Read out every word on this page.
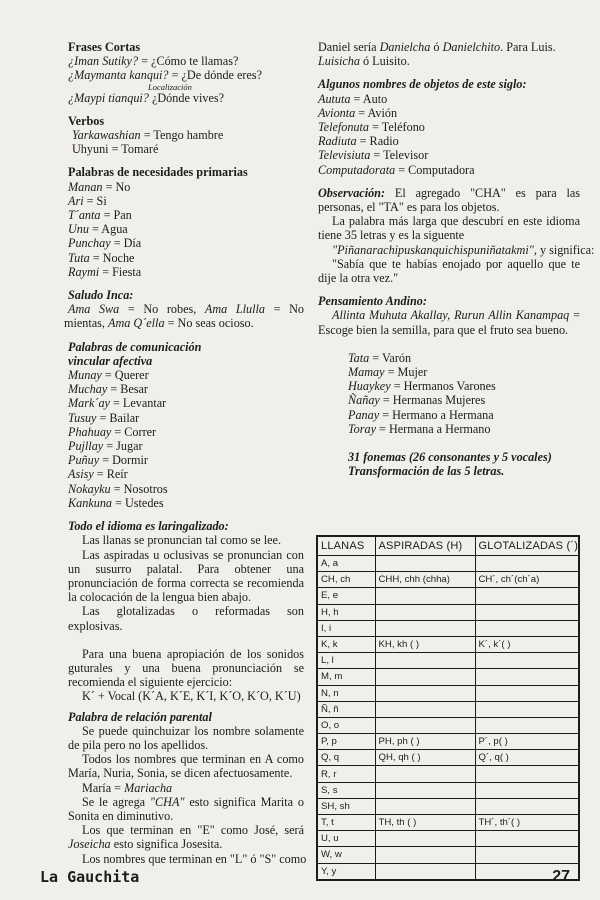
Frases Cortas
¿Iman Sutiky? = ¿Cómo te llamas?
¿Maymanta kanqui? = ¿De dónde eres?
Localización
¿Maypi tianqui? ¿Dónde vives?
Verbos
Yarkawashian = Tengo hambre
Uhyuni = Tomaré
Palabras de necesidades primarias
Manan = No
Ari = Si
T´anta = Pan
Unu = Agua
Punchay = Día
Tuta = Noche
Raymi = Fiesta
Saludo Inca:
Ama Swa = No robes, Ama Llulla = No
mientas, Ama Q´ella = No seas ocioso.
Palabras de comunicación
vincular afectiva
Munay = Querer
Muchay = Besar
Mark´ay = Levantar
Tusuy = Bailar
Phahuay = Correr
Pujllay = Jugar
Puñuy = Dormir
Asisy = Reír
Nokayku = Nosotros
Kankuna = Ustedes
Todo el idioma es laringalizado:
Las llanas se pronuncian tal como se lee.
Las aspiradas u oclusivas se pronuncian con un susurro palatal. Para obtener una pronunciación de forma correcta se recomienda la colocación de la lengua bien abajo.
Las glotalizadas o reformadas son explosivas.
Para una buena apropiación de los sonidos guturales y una buena pronunciación se recomienda el siguiente ejercicio:
K´ + Vocal (K´A, K´E, K´I, K´O, K´O, K´U)
Palabra de relación parental
Se puede quinchuizar los nombre solamente de pila pero no los apellidos.
Todos los nombres que terminan en A como María, Nuria, Sonia, se dicen afectuosamente.
María = Mariacha
Se le agrega "CHA" esto significa Marita o Sonita en diminutivo.
Los que terminan en "E" como José, será Joseicha esto significa Josesita.
Los nombres que terminan en "L" ó "S" como
Daniel sería Danielcha ó Danielchito. Para Luis.
Luisicha ó Luisito.
Algunos nombres de objetos de este siglo:
Aututa = Auto
Avionta = Avión
Telefonuta = Teléfono
Radiuta = Radio
Televisiuta = Televisor
Computadorata = Computadora
Observación: El agregado "CHA" es para las personas, el "TA" es para los objetos.
La palabra más larga que descubrí en este idioma tiene 35 letras y es la siguente
"Piñanarachipuskanquichispuniñatakmi", y significa:
"Sabía que te habías enojado por aquello que te dije la otra vez."
Pensamiento Andino:
Allinta Muhuta Akallay, Rurun Allin Kanampaq = Escoge bien la semilla, para que el fruto sea bueno.
Tata = Varón
Mamay = Mujer
Huaykey = Hermanos Varones
Ñañay = Hermanas Mujeres
Panay = Hermano a Hermana
Toray = Hermana a Hermano
31 fonemas (26 consonantes y 5 vocales)
Transformación de las 5 letras.
LLANAS	ASPIRADAS (H)	GLOTALIZADAS (´)
A, a		
CH, ch	CHH, chh (chha)	CH´, ch´(ch´a)
E, e		
H, h		
I, i		
K, k	KH, kh ( )	K´, k´( )
L, l		
M, m		
N, n		
Ñ, ñ		
O, o		
P, p	PH, ph ( )	P´, p( )
Q, q	QH, qh ( )	Q´, q( )
R, r		
S, s		
SH, sh		
T, t	TH, th ( )	TH´, th´( )
U, u		
W, w		
Y, y		
La Gauchita	27
